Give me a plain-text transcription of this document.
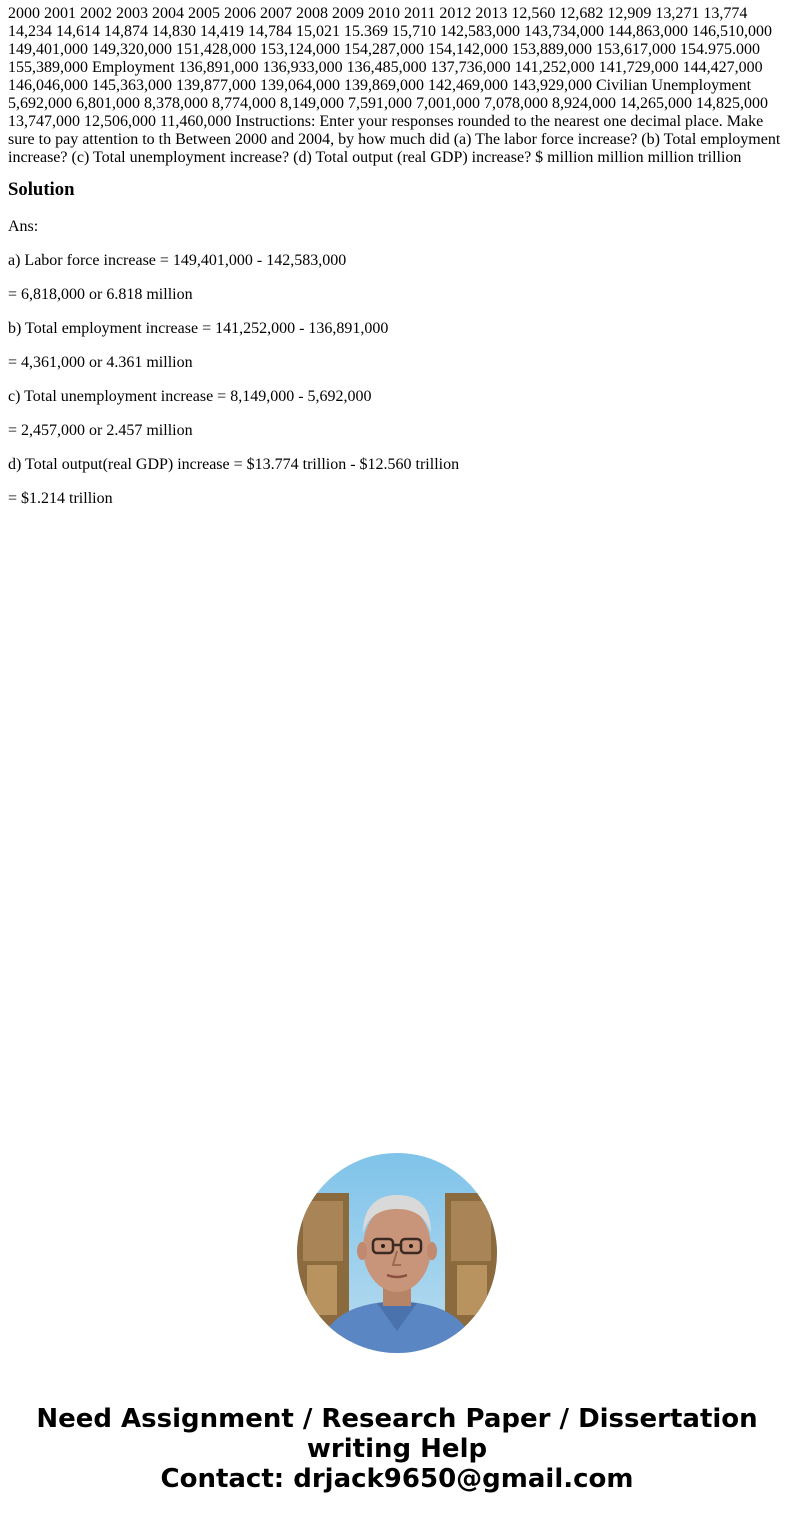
2000 2001 2002 2003 2004 2005 2006 2007 2008 2009 2010 2011 2012 2013 12,560 12,682 12,909 13,271 13,774 14,234 14,614 14,874 14,830 14,419 14,784 15,021 15.369 15,710 142,583,000 143,734,000 144,863,000 146,510,000 149,401,000 149,320,000 151,428,000 153,124,000 154,287,000 154,142,000 153,889,000 153,617,000 154.975.000 155,389,000 Employment 136,891,000 136,933,000 136,485,000 137,736,000 141,252,000 141,729,000 144,427,000 146,046,000 145,363,000 139,877,000 139,064,000 139,869,000 142,469,000 143,929,000 Civilian Unemployment 5,692,000 6,801,000 8,378,000 8,774,000 8,149,000 7,591,000 7,001,000 7,078,000 8,924,000 14,265,000 14,825,000 13,747,000 12,506,000 11,460,000 Instructions: Enter your responses rounded to the nearest one decimal place. Make sure to pay attention to th Between 2000 and 2004, by how much did (a) The labor force increase? (b) Total employment increase? (c) Total unemployment increase? (d) Total output (real GDP) increase? $ million million million trillion

Solution

Ans:

a) Labor force increase = 149,401,000 - 142,583,000

= 6,818,000 or 6.818 million

b) Total employment increase = 141,252,000 - 136,891,000

= 4,361,000 or 4.361 million

c) Total unemployment increase = 8,149,000 - 5,692,000

= 2,457,000 or 2.457 million

d) Total output(real GDP) increase = $13.774 trillion - $12.560 trillion

= $1.214 trillion

Need Assignment / Research Paper / Dissertation
writing Help
Contact: drjack9650@gmail.com
